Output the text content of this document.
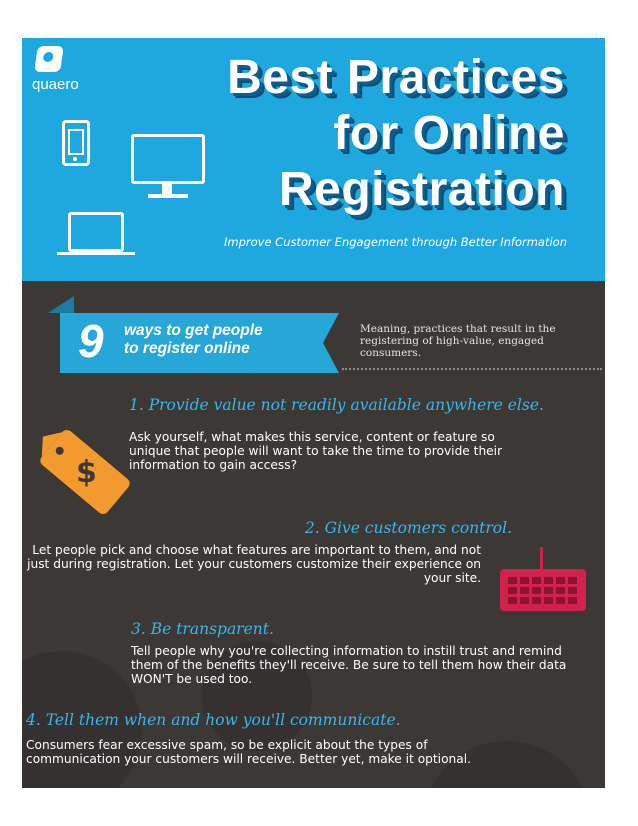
quaero	Best Practices
for Online
Registration
Improve Customer Engagement through Better Information
9 ways to get people
to register online
Meaning, practices that result in the registering of high-value, engaged consumers.
1. Provide value not readily available anywhere else.
Ask yourself, what makes this service, content or feature so unique that people will want to take the time to provide their information to gain access?
$
2. Give customers control.
Let people pick and choose what features are important to them, and not just during registration. Let your customers customize their experience on your site.
3. Be transparent.
Tell people why you're collecting information to instill trust and remind them of the benefits they'll receive. Be sure to tell them how their data WON'T be used too.
4. Tell them when and how you'll communicate.
Consumers fear excessive spam, so be explicit about the types of communication your customers will receive. Better yet, make it optional.
